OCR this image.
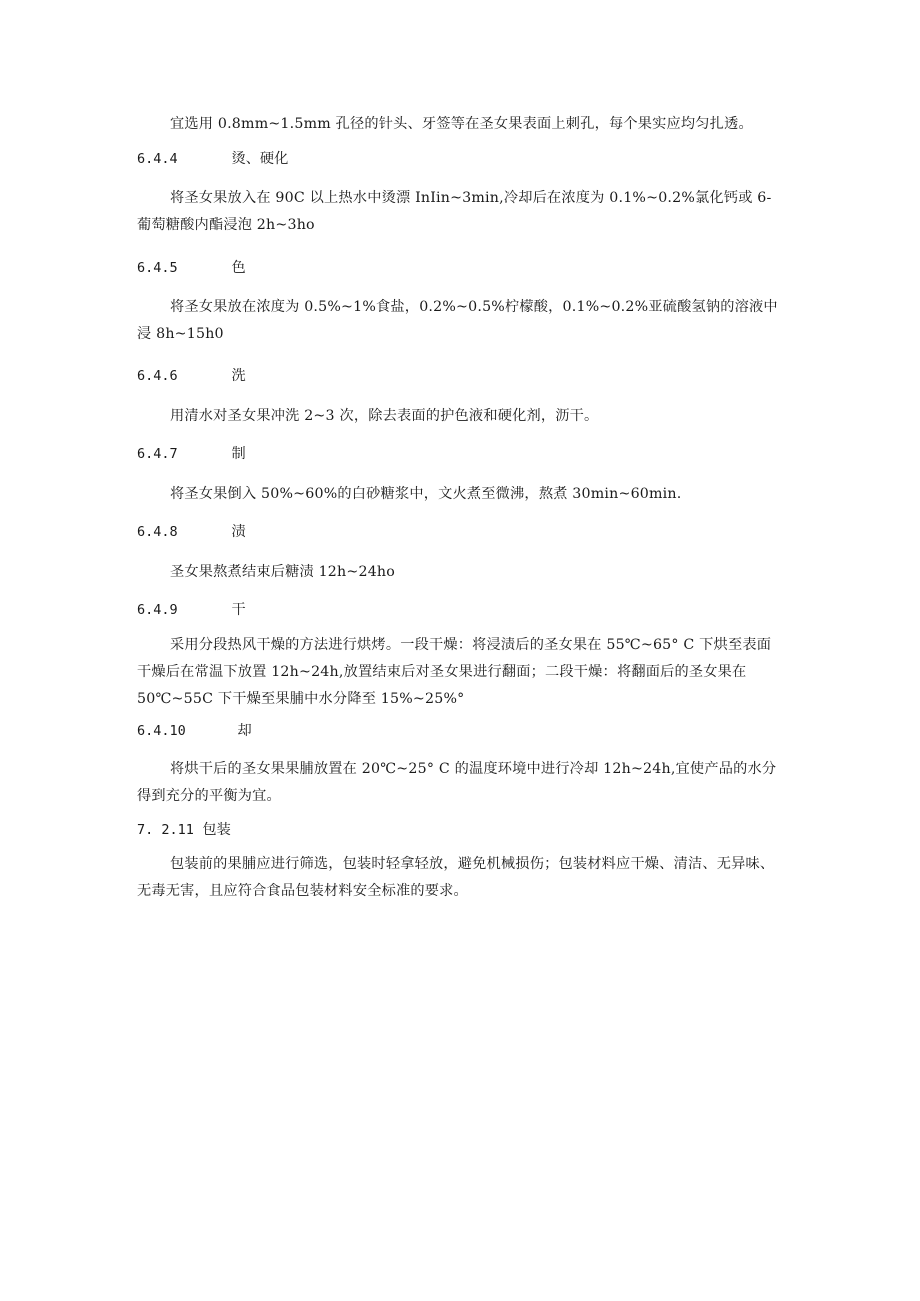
宜选用 0.8mm~1.5mm 孔径的针头、牙签等在圣女果表面上刺孔，每个果实应均匀扎透。

6.4.4	烫、硬化

将圣女果放入在 90C 以上热水中烫漂 InIin~3min,冷却后在浓度为 0.1%~0.2%氯化钙或 6-葡萄糖酸内酯浸泡 2h~3ho

6.4.5	色

将圣女果放在浓度为 0.5%~1%食盐，0.2%~0.5%柠檬酸，0.1%~0.2%亚硫酸氢钠的溶液中浸 8h~15h0

6.4.6	洗

用清水对圣女果冲洗 2~3 次，除去表面的护色液和硬化剂，沥干。

6.4.7	制

将圣女果倒入 50%~60%的白砂糖浆中，文火煮至微沸，熬煮 30min~60min.

6.4.8	渍

圣女果熬煮结束后糖渍 12h~24ho

6.4.9	干

采用分段热风干燥的方法进行烘烤。一段干燥：将浸渍后的圣女果在 55℃~65° C 下烘至表面干燥后在常温下放置 12h~24h,放置结束后对圣女果进行翻面；二段干燥：将翻面后的圣女果在 50℃~55C 下干燥至果脯中水分降至 15%~25%°

6.4.10	却

将烘干后的圣女果果脯放置在 20℃~25° C 的温度环境中进行冷却 12h~24h,宜使产品的水分得到充分的平衡为宜。

7. 2.11 包装

包装前的果脯应进行筛选，包装时轻拿轻放，避免机械损伤；包装材料应干燥、清洁、无异味、无毒无害，且应符合食品包装材料安全标准的要求。
